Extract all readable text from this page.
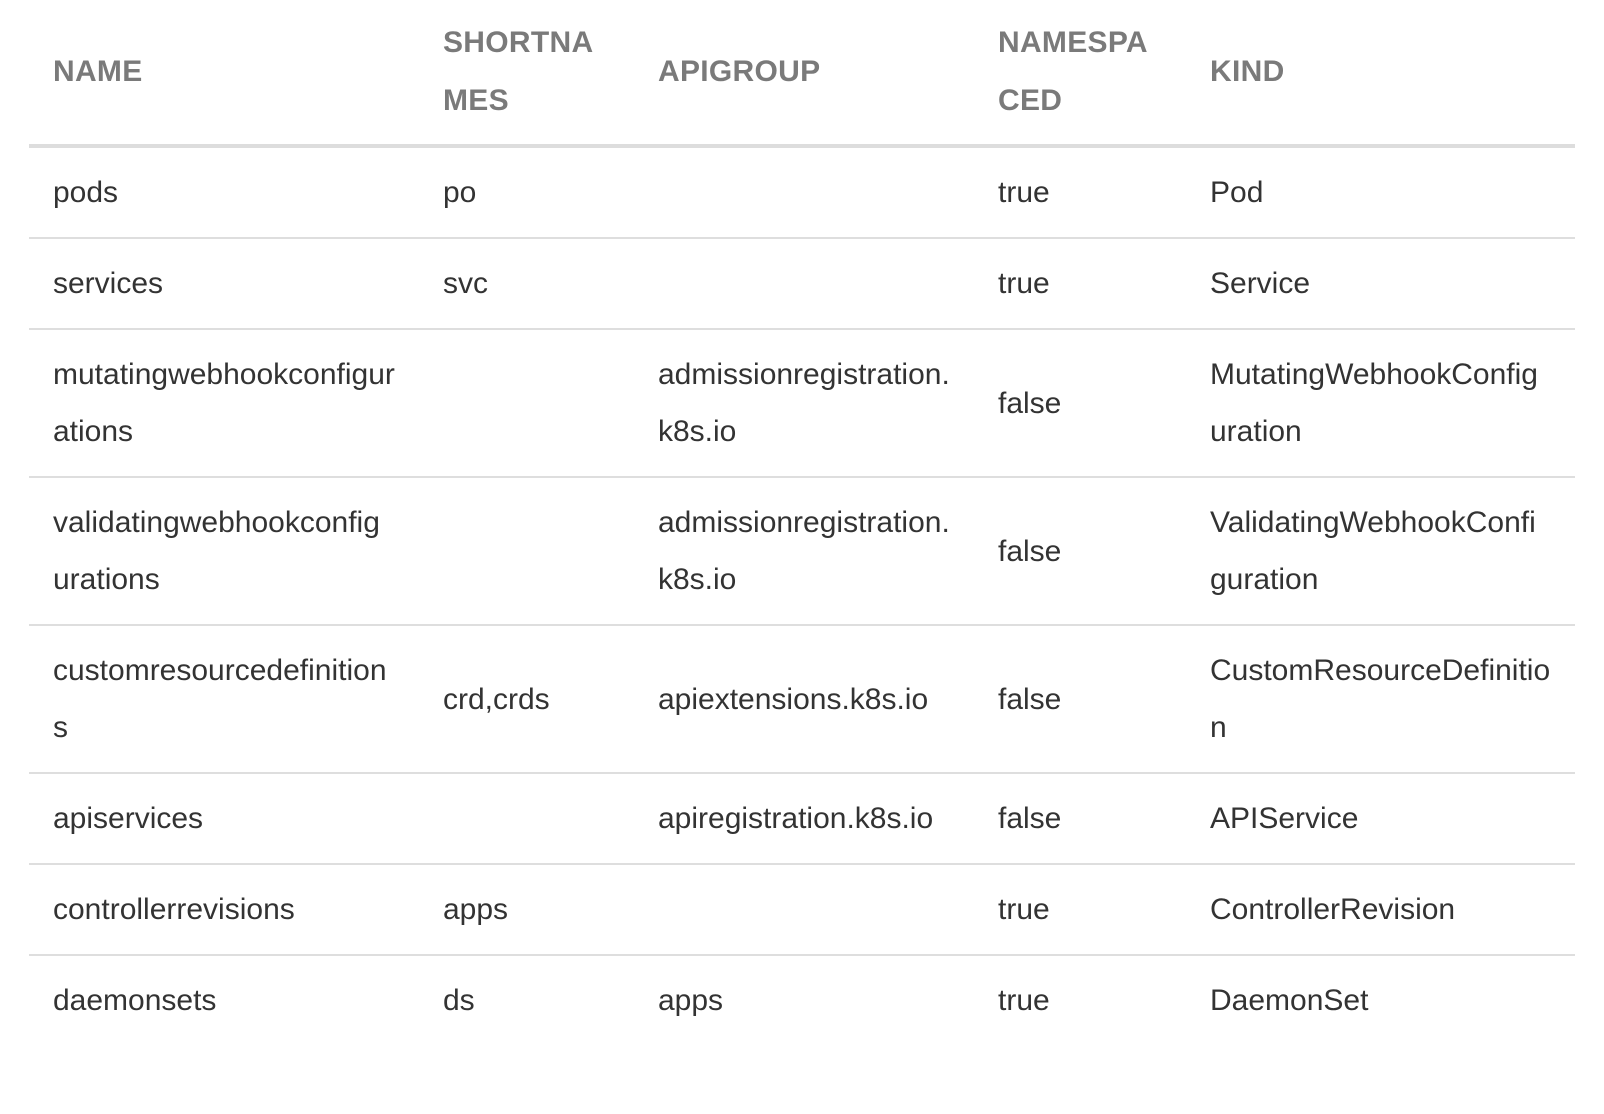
NAME	SHORTNAMES	APIGROUP	NAMESPACED	KIND
pods	po		true	Pod
services	svc		true	Service
mutatingwebhookconfigurations		admissionregistration.k8s.io	false	MutatingWebhookConfiguration
validatingwebhookconfigurations		admissionregistration.k8s.io	false	ValidatingWebhookConfiguration
customresourcedefinitions	crd,crds	apiextensions.k8s.io	false	CustomResourceDefinition
apiservices		apiregistration.k8s.io	false	APIService
controllerrevisions	apps		true	ControllerRevision
daemonsets	ds	apps	true	DaemonSet
